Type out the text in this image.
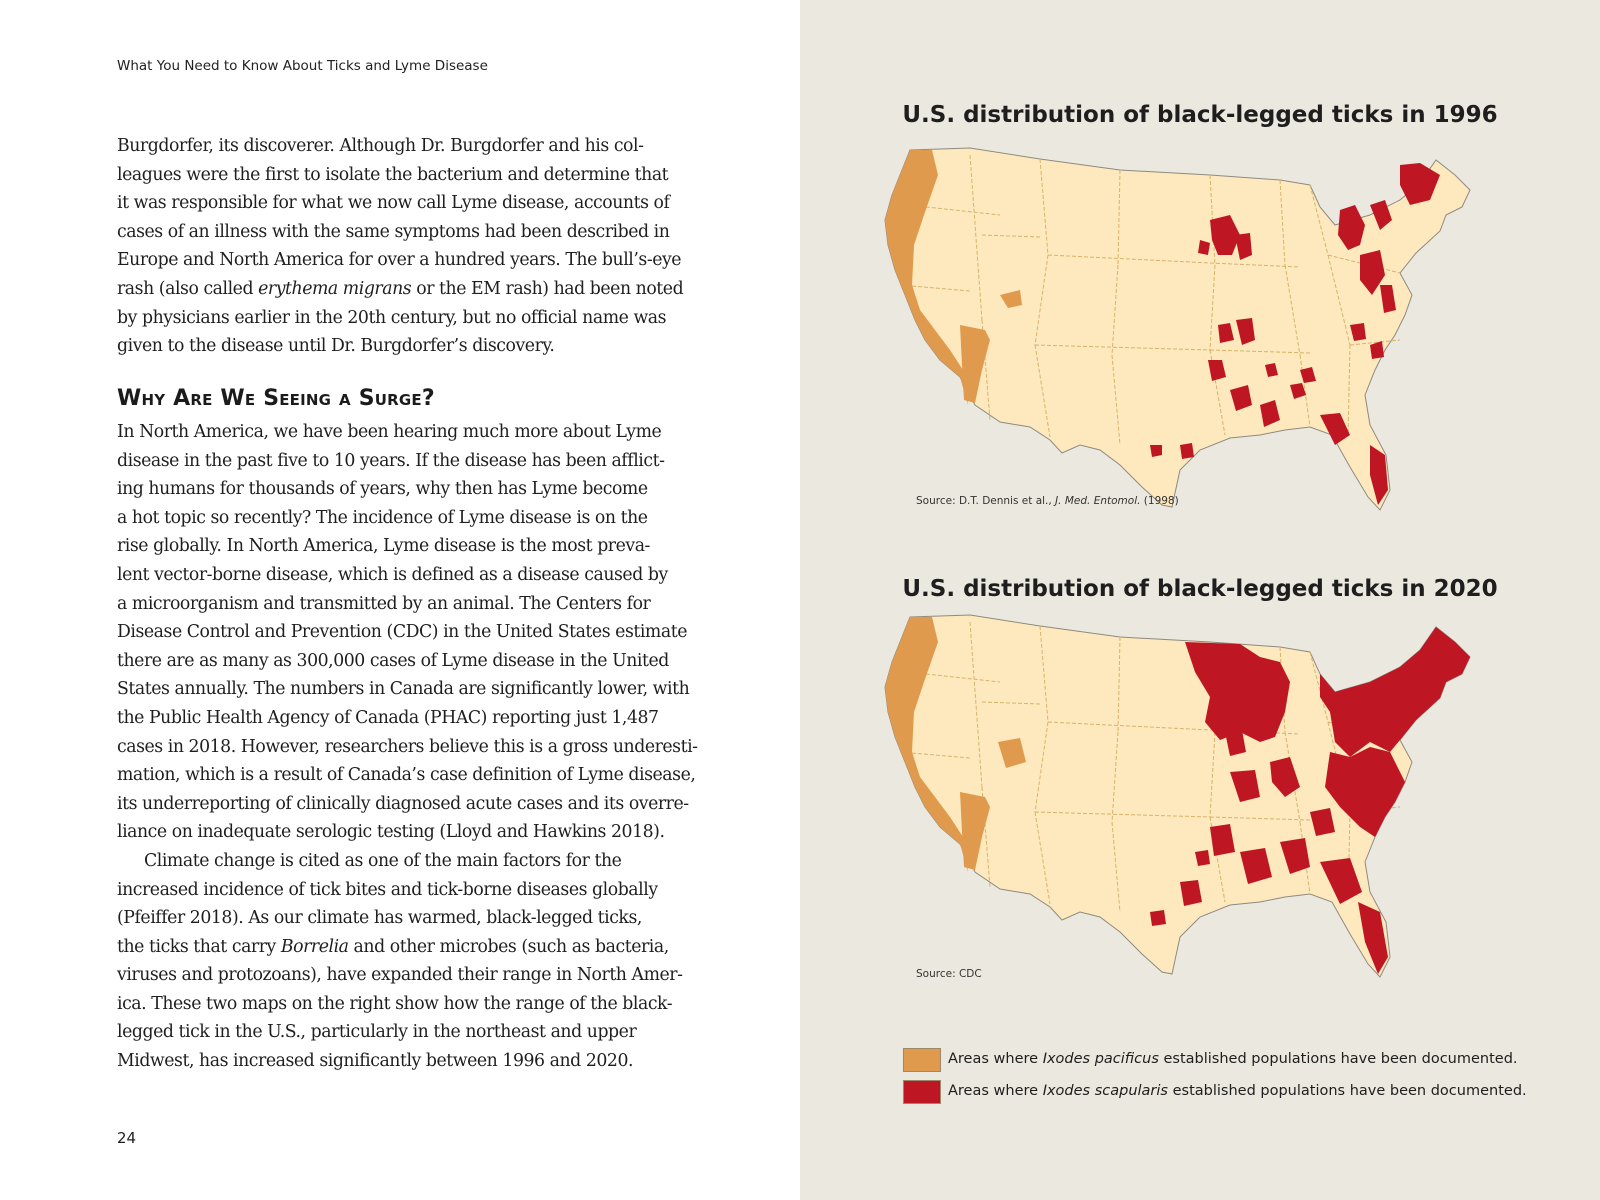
What You Need to Know About Ticks and Lyme Disease
Burgdorfer, its discoverer. Although Dr. Burgdorfer and his col-
leagues were the first to isolate the bacterium and determine that
it was responsible for what we now call Lyme disease, accounts of
cases of an illness with the same symptoms had been described in
Europe and North America for over a hundred years. The bull’s-eye
rash (also called erythema migrans or the EM rash) had been noted
by physicians earlier in the 20th century, but no official name was
given to the disease until Dr. Burgdorfer’s discovery.
Why Are We Seeing a Surge?
In North America, we have been hearing much more about Lyme
disease in the past five to 10 years. If the disease has been afflict-
ing humans for thousands of years, why then has Lyme become
a hot topic so recently? The incidence of Lyme disease is on the
rise globally. In North America, Lyme disease is the most preva-
lent vector-borne disease, which is defined as a disease caused by
a microorganism and transmitted by an animal. The Centers for
Disease Control and Prevention (CDC) in the United States estimate
there are as many as 300,000 cases of Lyme disease in the United
States annually. The numbers in Canada are significantly lower, with
the Public Health Agency of Canada (PHAC) reporting just 1,487
cases in 2018. However, researchers believe this is a gross underesti-
mation, which is a result of Canada’s case definition of Lyme disease,
its underreporting of clinically diagnosed acute cases and its overre-
liance on inadequate serologic testing (Lloyd and Hawkins 2018).
Climate change is cited as one of the main factors for the
increased incidence of tick bites and tick-borne diseases globally
(Pfeiffer 2018). As our climate has warmed, black-legged ticks,
the ticks that carry Borrelia and other microbes (such as bacteria,
viruses and protozoans), have expanded their range in North Amer-
ica. These two maps on the right show how the range of the black-
legged tick in the U.S., particularly in the northeast and upper
Midwest, has increased significantly between 1996 and 2020.
24
U.S. distribution of black-legged ticks in 1996
Source: D.T. Dennis et al., J. Med. Entomol. (1998)
U.S. distribution of black-legged ticks in 2020
Source: CDC
Areas where Ixodes pacificus established populations have been documented.
Areas where Ixodes scapularis established populations have been documented.
